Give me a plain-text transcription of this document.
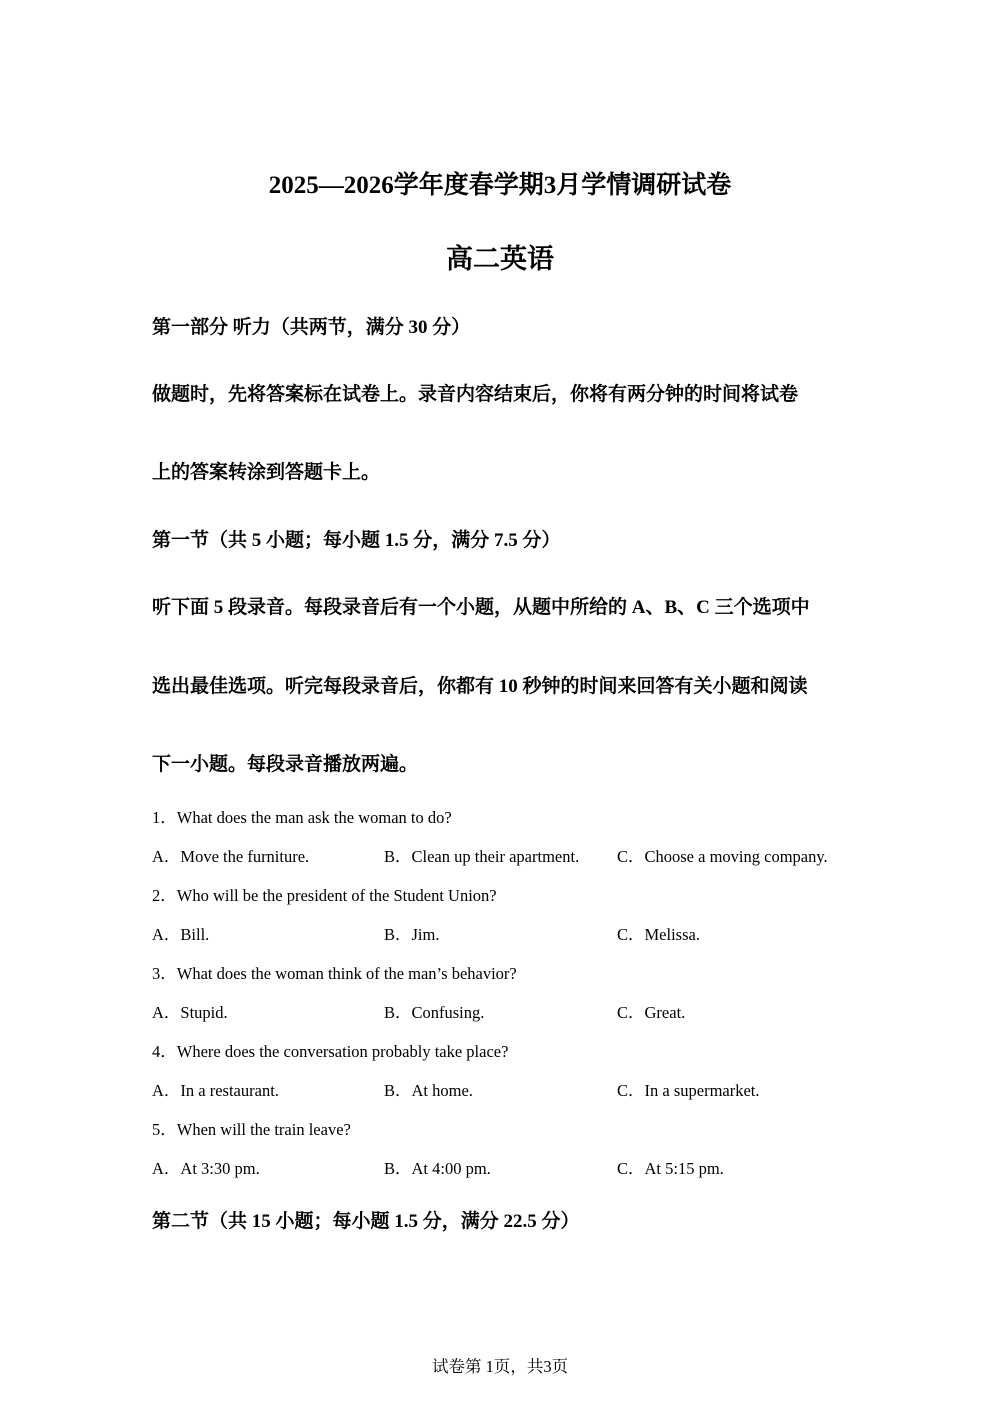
2025—2026学年度春学期3月学情调研试卷
高二英语
第一部分 听力（共两节，满分 30 分）
做题时，先将答案标在试卷上。录音内容结束后，你将有两分钟的时间将试卷
上的答案转涂到答题卡上。
第一节（共 5 小题；每小题 1.5 分，满分 7.5 分）
听下面 5 段录音。每段录音后有一个小题，从题中所给的 A、B、C 三个选项中
选出最佳选项。听完每段录音后，你都有 10 秒钟的时间来回答有关小题和阅读
下一小题。每段录音播放两遍。
1．What does the man ask the woman to do?
A．Move the furniture.	B．Clean up their apartment. C．Choose a moving company.
2．Who will be the president of the Student Union?
A．Bill.	B．Jim.	C．Melissa.
3．What does the woman think of the man’s behavior?
A．Stupid.	B．Confusing.	C．Great.
4．Where does the conversation probably take place?
A．In a restaurant.	B．At home.	C．In a supermarket.
5．When will the train leave?
A．At 3:30 pm.	B．At 4:00 pm.	C．At 5:15 pm.
第二节（共 15 小题；每小题 1.5 分，满分 22.5 分）
试卷第 1页，共3页
